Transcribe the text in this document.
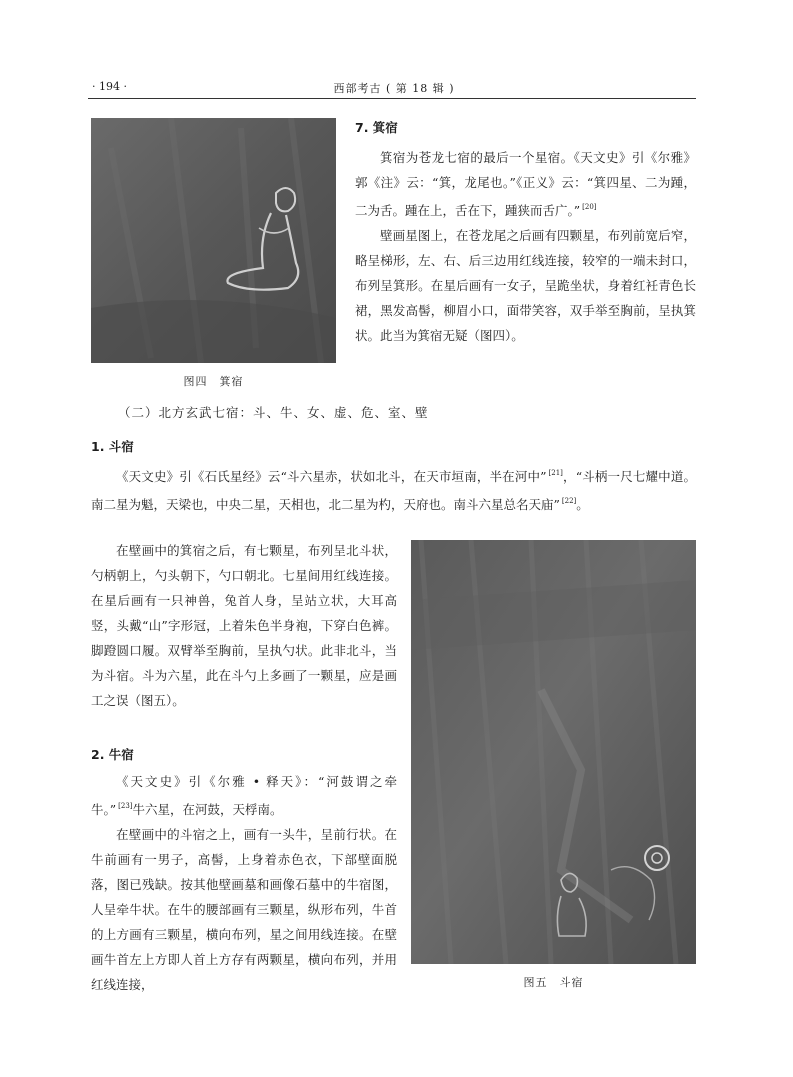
· 194 ·	西部考古 ( 第 18 辑 )
图四　箕宿
7. 箕宿

箕宿为苍龙七宿的最后一个星宿。《天文史》引《尔雅》郭《注》云：“箕，龙尾也。”《正义》云：“箕四星、二为踵，二为舌。踵在上，舌在下，踵狭而舌广。” [20]

壁画星图上，在苍龙尾之后画有四颗星，布列前宽后窄，略呈梯形，左、右、后三边用红线连接，较窄的一端未封口，布列呈箕形。在星后画有一女子，呈跪坐状，身着红衽青色长裙，黑发高髻，柳眉小口，面带笑容，双手举至胸前，呈执箕状。此当为箕宿无疑（图四）。

（二）北方玄武七宿：斗、牛、女、虚、危、室、壁
1. 斗宿

《天文史》引《石氏星经》云“斗六星赤，状如北斗，在天市垣南，半在河中” [21]，“斗柄一尺七耀中道。南二星为魁，天梁也，中央二星，天相也，北二星为杓，天府也。南斗六星总名天庙” [22]。

在壁画中的箕宿之后，有七颗星，布列呈北斗状，勺柄朝上，勺头朝下，勺口朝北。七星间用红线连接。在星后画有一只神兽，兔首人身，呈站立状，大耳高竖，头戴“山”字形冠，上着朱色半身袍，下穿白色裤。脚蹬圆口履。双臂举至胸前，呈执勺状。此非北斗，当为斗宿。斗为六星，此在斗勺上多画了一颗星，应是画工之误（图五）。

图五　斗宿
2. 牛宿

《天文史》引《尔雅 • 释天》：“河鼓谓之牵牛。” [23]牛六星，在河鼓，天桴南。

在壁画中的斗宿之上，画有一头牛，呈前行状。在牛前画有一男子，高髻，上身着赤色衣，下部壁面脱落，图已残缺。按其他壁画墓和画像石墓中的牛宿图，人呈牵牛状。在牛的腰部画有三颗星，纵形布列，牛首的上方画有三颗星，横向布列，星之间用线连接。在壁画牛首左上方即人首上方存有两颗星，横向布列，并用红线连接，
